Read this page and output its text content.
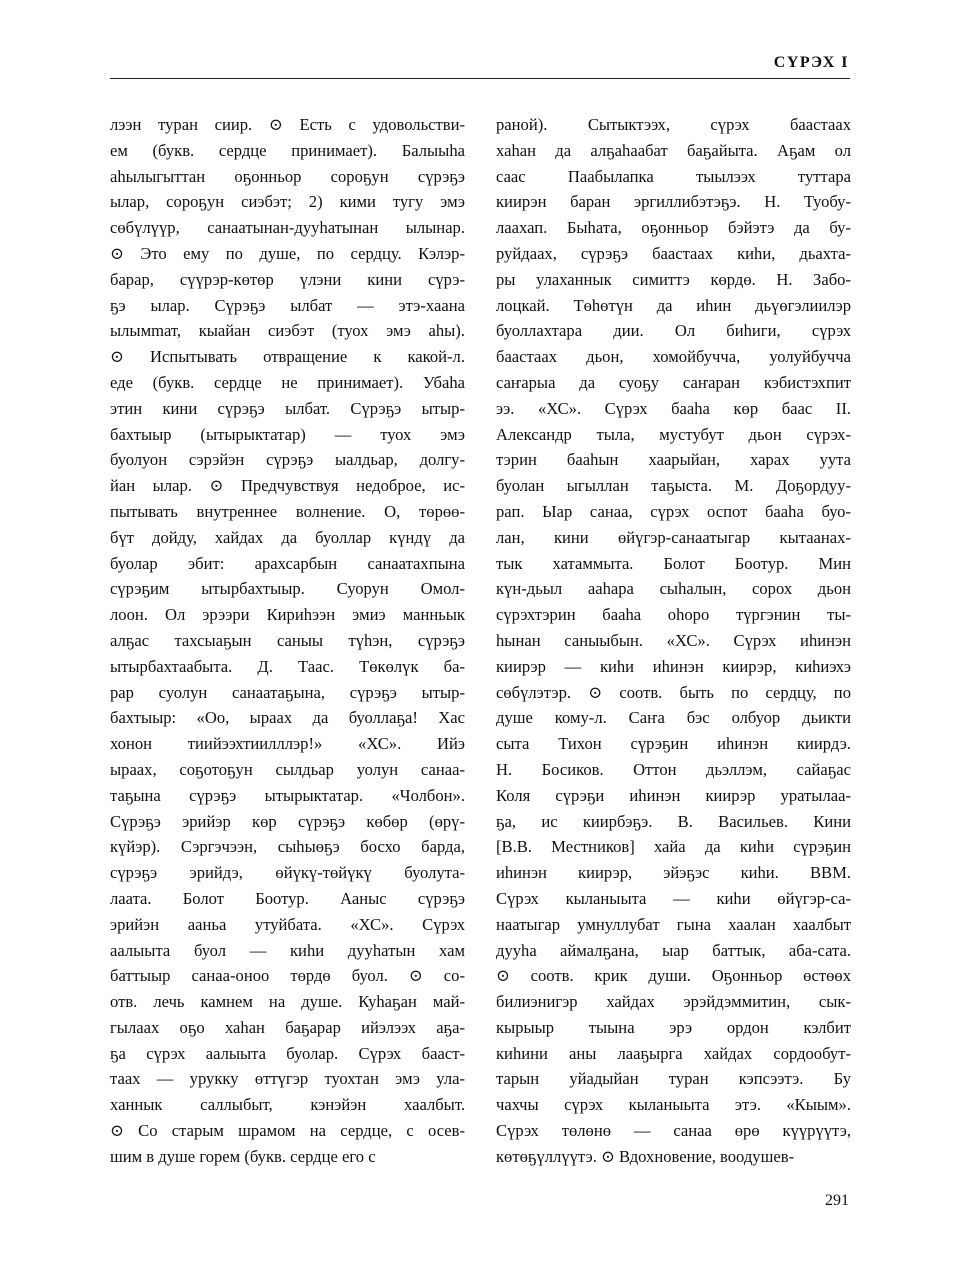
СҮРЭХ I
лээн туран сиир. ⊙ Есть с удовольстви-
ем (букв. сердце принимает). Балыыһа
аһылыгыттан оҕонньор сороҕун сүрэҕэ
ылар, сороҕун сиэбэт; 2) кими тугу эмэ
сөбүлүүр, санаатынан-дууһатынан ылынар.
⊙ Это ему по душе, по сердцу. Кэлэр-
барар, сүүрэр-көтөр үлэни кини сүрэ-
ҕэ ылар. Сүрэҕэ ылбат — этэ-хаана
ылымmат, кыайан сиэбэт (туох эмэ аһы).
⊙ Испытывать отвращение к какой-л.
еде (букв. сердце не принимает). Убаһа
этин кини сүрэҕэ ылбат. Сүрэҕэ ытыр-
бахтыыр (ытырыктатар) — туох эмэ
буолуон сэрэйэн сүрэҕэ ыалдьар, долгу-
йан ылар. ⊙ Предчувствуя недоброе, ис-
пытывать внутреннее волнение. О, төрөө-
бүт дойду, хайдах да буоллар күндү да
буолар эбит: арахсарбын санаатахпына
сүрэҕим ытырбахтыыр. Суорун Омол-
лоон. Ол эрээри Кириһээн эмиэ манньык
алҕас тахсыаҕын саныы түһэн, сүрэҕэ
ытырбахтаабыта. Д. Таас. Төкөлүк ба-
рар суолун санаатаҕына, сүрэҕэ ытыр-
бахтыыр: «Оо, ыраах да буоллаҕа! Хас
хонон тиийээхтиилллэр!» «ХС». Ийэ
ыраах, соҕотоҕун сылдьар уолун санаа-
таҕына сүрэҕэ ытырыктатар. «Чолбон».
Сүрэҕэ эрийэр көр сүрэҕэ көбөр (өрү-
күйэр). Сэргэчээн, сыһыөҕэ босхо барда,
сүрэҕэ эрийдэ, өйүкү-төйүкү буолута-
лаата. Болот Боотур. Ааныс сүрэҕэ
эрийэн ааньа утуйбата. «ХС». Сүрэх
аалыыта буол — киһи дууһатын хам
баттыыр санаа-онoo төрдө буол. ⊙ со-
отв. лечь камнем на душе. Куһаҕан май-
гылаах оҕо хаһан баҕарар ийэлээх аҕа-
ҕа сүрэх аалыыта буолар. Сүрэх бааст-
таах — урукку өттүгэр туохтан эмэ ула-
ханнык саллыбыт, кэнэйэн хаалбыт.
⊙ Со старым шрамом на сердце, с осев-
шим в душе горем (букв. сердце его с
раной). Сытыктээх, сүрэх баастаах
хаһан да алҕаһаабат баҕайыта. Аҕам ол
саас Паабылапка тыылээх туттара
киирэн баран эргиллибэтэҕэ. Н. Туобу-
лаахап. Быһата, оҕонньор бэйэтэ да бу-
руйдаах, сүрэҕэ баастаах киһи, дьахта-
ры улаханнык симиттэ көрдө. Н. Забо-
лоцкай. Төһөтүн да иһин дьүөгэлиилэр
буоллахтара дии. Ол биһиги, сүрэх
баастаах дьон, хомойбучча, уолуйбучча
саҥарыа да суоҕу саҥаран кэбистэхпит
ээ. «ХС». Сүрэх бааһа көр баас II.
Александр тыла, мустубут дьон сүрэх-
тэрин бааһын хаарыйан, харах уута
буолан ыгыллан таҕыста. М. Доҕордуу-
рап. Ыар санаа, сүрэх оспот бааһа буо-
лан, кини өйүгэр-санаатыгар кытаанах-
тык хатаммыта. Болот Боотур. Мин
күн-дьыл аaһара сыһалын, сорох дьон
сүрэхтэрин бааһа оһоро түргэнин ты-
һынан саныыбын. «ХС». Сүрэх иһинэн
киирэр — киһи иһинэн киирэр, киһиэхэ
сөбүлэтэр. ⊙ соотв. быть по сердцу, по
душе кому-л. Саҥа бэс олбуор дьикти
сыта Тихон сүрэҕин иһинэн киирдэ.
Н. Босиков. Оттон дьэллэм, сайаҕас
Коля сүрэҕи иһинэн киирэр уратылаа-
ҕа, ис киирбэҕэ. В. Васильев. Кини
[В.В. Местников] хайа да киһи сүрэҕин
иһинэн киирэр, эйэҕэс киһи. ВВМ.
Сүрэх кыланыыта — киһи өйүгэр-са-
наатыгар умнуллубат гына хаалан хаалбыт
дууһа аймалҕана, ыар баттык, аба-сата.
⊙ соотв. крик души. Оҕонньор өстөөх
билиэнигэр хайдах эрэйдэммитин, сык-
кырыыр тыына эрэ ордон кэлбит
киһини аны лааҕырга хайдах сордообут-
тарын уйадыйан туран кэпсээтэ. Бу
чахчы сүрэх кыланыыта этэ. «Кыым».
Сүрэх төлөнө — санаа өрө күүрүүтэ,
көтөҕүллүүтэ. ⊙ Вдохновение, воодушев-
291
